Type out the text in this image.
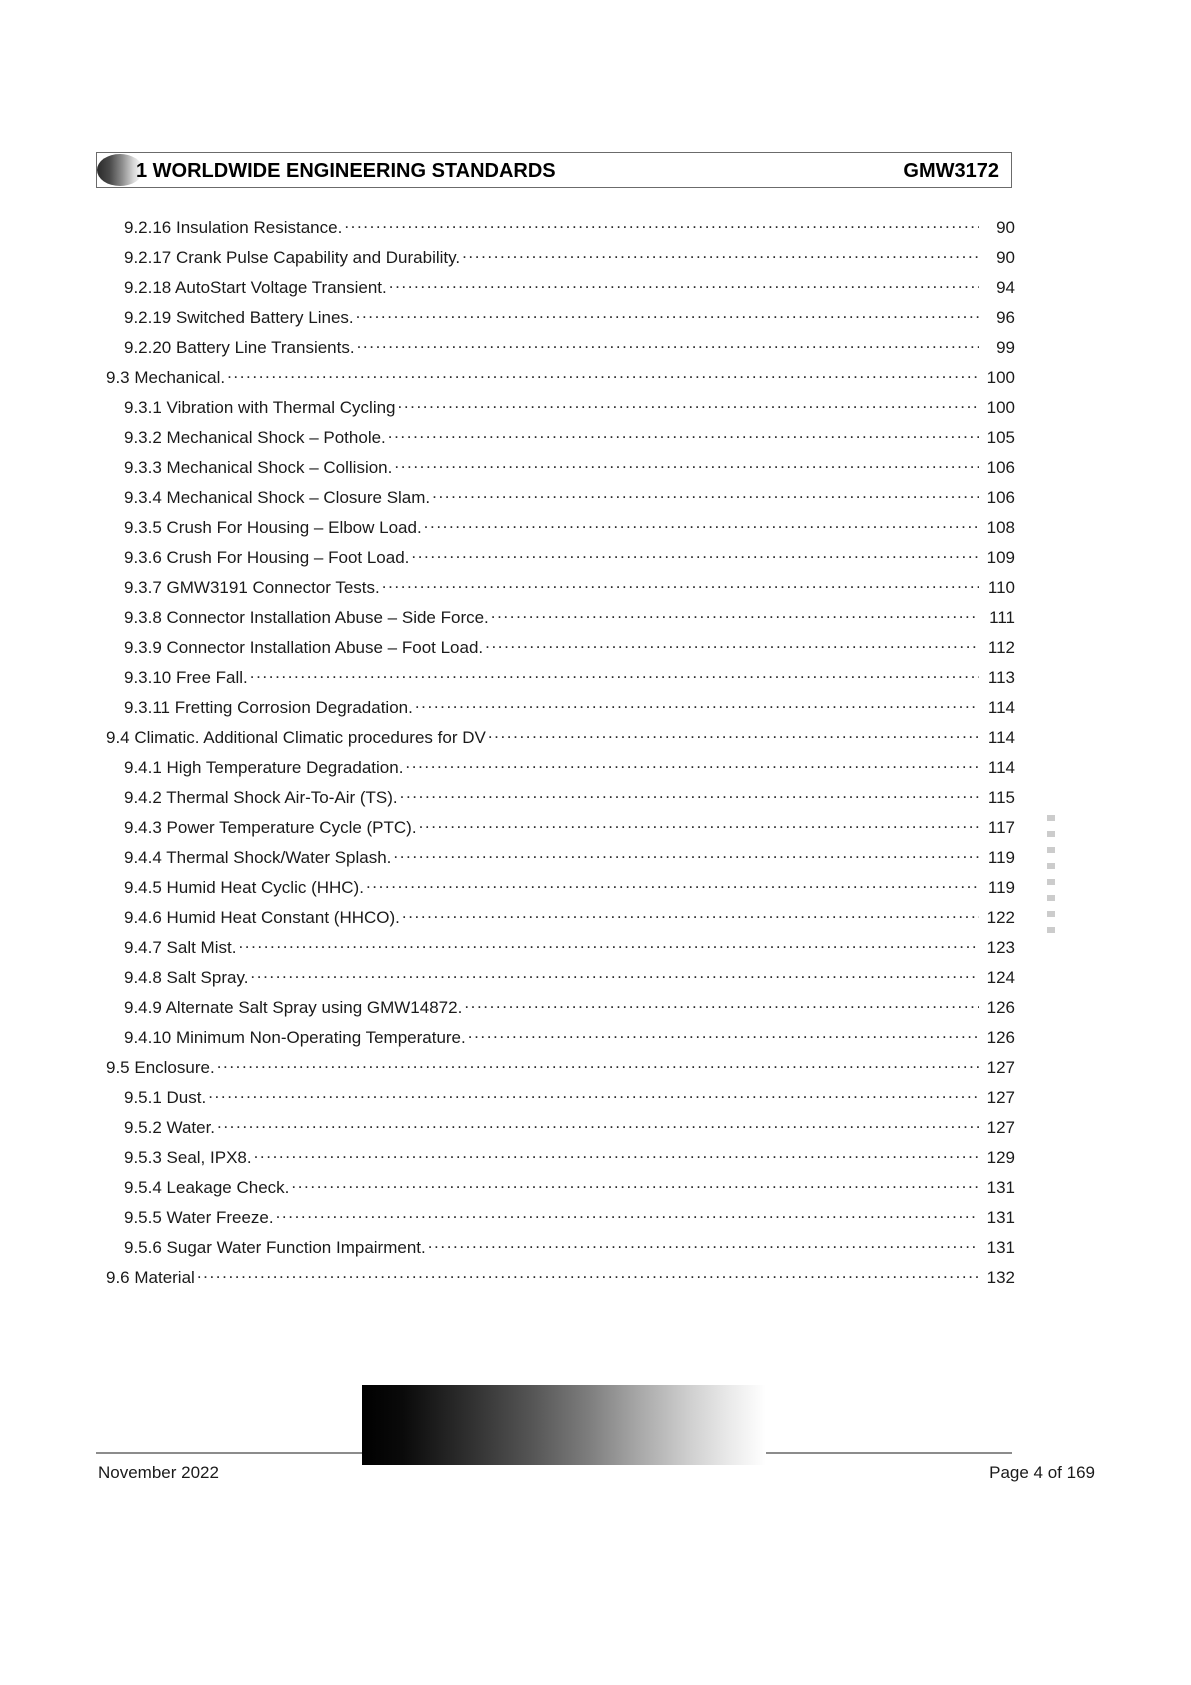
1 WORLDWIDE ENGINEERING STANDARDS	GMW3172
9.2.16 Insulation Resistance. .....	90
9.2.17 Crank Pulse Capability and Durability. .....	90
9.2.18 AutoStart Voltage Transient. .....	94
9.2.19 Switched Battery Lines. .....	96
9.2.20 Battery Line Transients. .....	99
9.3 Mechanical. .....	100
9.3.1 Vibration with Thermal Cycling .....	100
9.3.2 Mechanical Shock – Pothole. .....	105
9.3.3 Mechanical Shock – Collision. .....	106
9.3.4 Mechanical Shock – Closure Slam. .....	106
9.3.5 Crush For Housing – Elbow Load. .....	108
9.3.6 Crush For Housing – Foot Load. .....	109
9.3.7 GMW3191 Connector Tests. .....	110
9.3.8 Connector Installation Abuse – Side Force. .....	111
9.3.9 Connector Installation Abuse – Foot Load. .....	112
9.3.10 Free Fall. .....	113
9.3.11 Fretting Corrosion Degradation. .....	114
9.4 Climatic. Additional Climatic procedures for DV .....	114
9.4.1 High Temperature Degradation. .....	114
9.4.2 Thermal Shock Air-To-Air (TS). .....	115
9.4.3 Power Temperature Cycle (PTC). .....	117
9.4.4 Thermal Shock/Water Splash. .....	119
9.4.5 Humid Heat Cyclic (HHC). .....	119
9.4.6 Humid Heat Constant (HHCO). .....	122
9.4.7 Salt Mist. .....	123
9.4.8 Salt Spray. .....	124
9.4.9 Alternate Salt Spray using GMW14872. .....	126
9.4.10 Minimum Non-Operating Temperature. .....	126
9.5 Enclosure. .....	127
9.5.1 Dust. .....	127
9.5.2 Water. .....	127
9.5.3 Seal, IPX8. .....	129
9.5.4 Leakage Check. .....	131
9.5.5 Water Freeze. .....	131
9.5.6 Sugar Water Function Impairment. .....	131
9.6 Material .....	132
November 2022	Page 4 of 169
